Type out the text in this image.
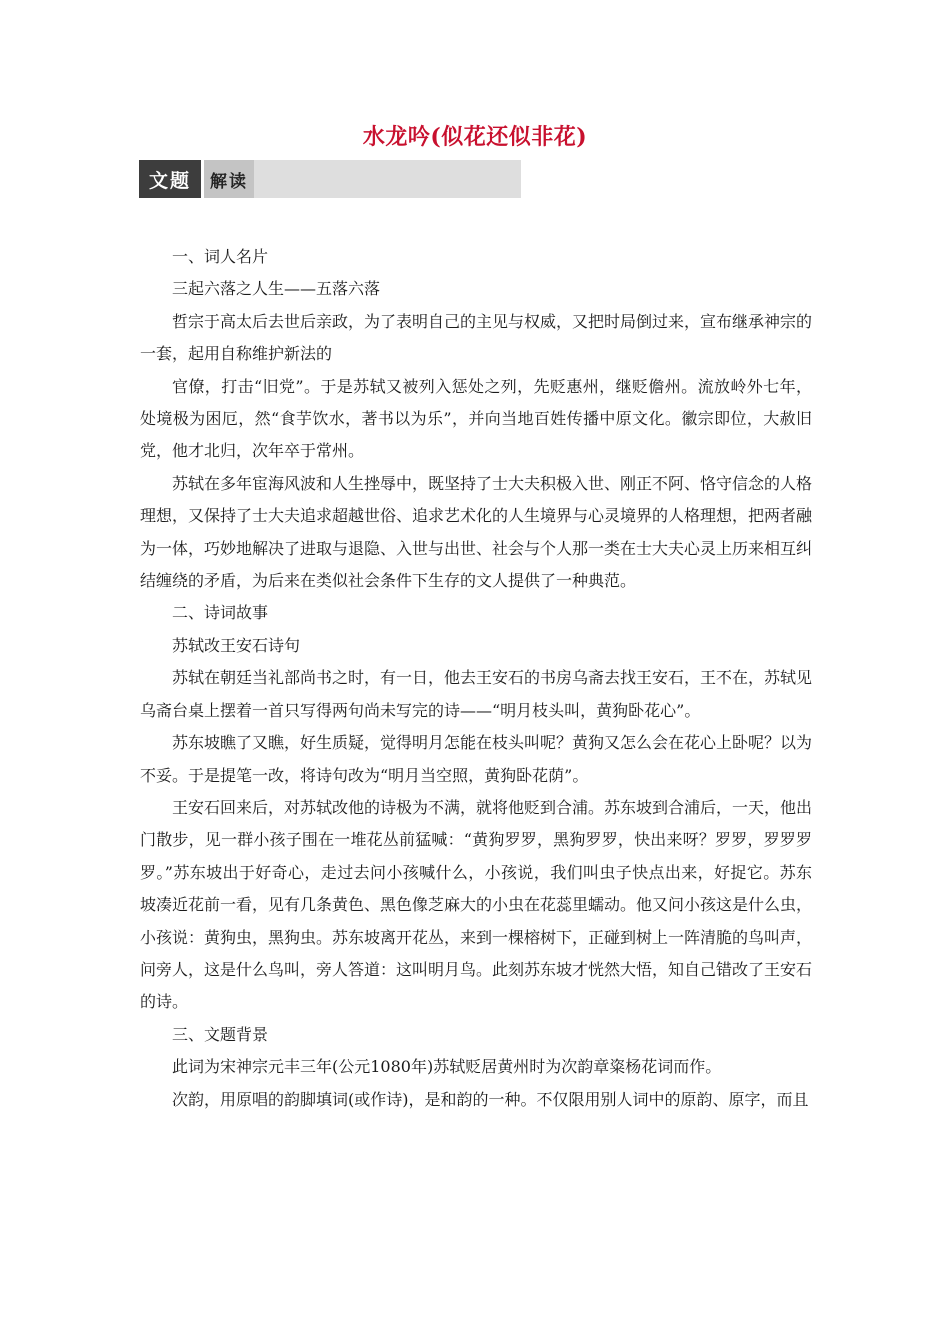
水龙吟(似花还似非花)
文题	解读

一、词人名片

三起六落之人生——五落六落

哲宗于高太后去世后亲政，为了表明自己的主见与权威，又把时局倒过来，宣布继承神宗的一套，起用自称维护新法的

官僚，打击“旧党”。于是苏轼又被列入惩处之列，先贬惠州，继贬儋州。流放岭外七年，处境极为困厄，然“食芋饮水，著书以为乐”，并向当地百姓传播中原文化。徽宗即位，大赦旧党，他才北归，次年卒于常州。

苏轼在多年宦海风波和人生挫辱中，既坚持了士大夫积极入世、刚正不阿、恪守信念的人格理想，又保持了士大夫追求超越世俗、追求艺术化的人生境界与心灵境界的人格理想，把两者融为一体，巧妙地解决了进取与退隐、入世与出世、社会与个人那一类在士大夫心灵上历来相互纠结缠绕的矛盾，为后来在类似社会条件下生存的文人提供了一种典范。

二、诗词故事

苏轼改王安石诗句

苏轼在朝廷当礼部尚书之时，有一日，他去王安石的书房乌斋去找王安石，王不在，苏轼见乌斋台桌上摆着一首只写得两句尚未写完的诗——“明月枝头叫，黄狗卧花心”。

苏东坡瞧了又瞧，好生质疑，觉得明月怎能在枝头叫呢？黄狗又怎么会在花心上卧呢？以为不妥。于是提笔一改，将诗句改为“明月当空照，黄狗卧花荫”。

王安石回来后，对苏轼改他的诗极为不满，就将他贬到合浦。苏东坡到合浦后，一天，他出门散步，见一群小孩子围在一堆花丛前猛喊：“黄狗罗罗，黑狗罗罗，快出来呀？罗罗，罗罗罗罗。”苏东坡出于好奇心，走过去问小孩喊什么，小孩说，我们叫虫子快点出来，好捉它。苏东坡凑近花前一看，见有几条黄色、黑色像芝麻大的小虫在花蕊里蠕动。他又问小孩这是什么虫，小孩说：黄狗虫，黑狗虫。苏东坡离开花丛，来到一棵榕树下，正碰到树上一阵清脆的鸟叫声，问旁人，这是什么鸟叫，旁人答道：这叫明月鸟。此刻苏东坡才恍然大悟，知自己错改了王安石的诗。

三、文题背景

此词为宋神宗元丰三年(公元1080年)苏轼贬居黄州时为次韵章粢杨花词而作。

次韵，用原唱的韵脚填词(或作诗)，是和韵的一种。不仅限用别人词中的原韵、原字，而且
